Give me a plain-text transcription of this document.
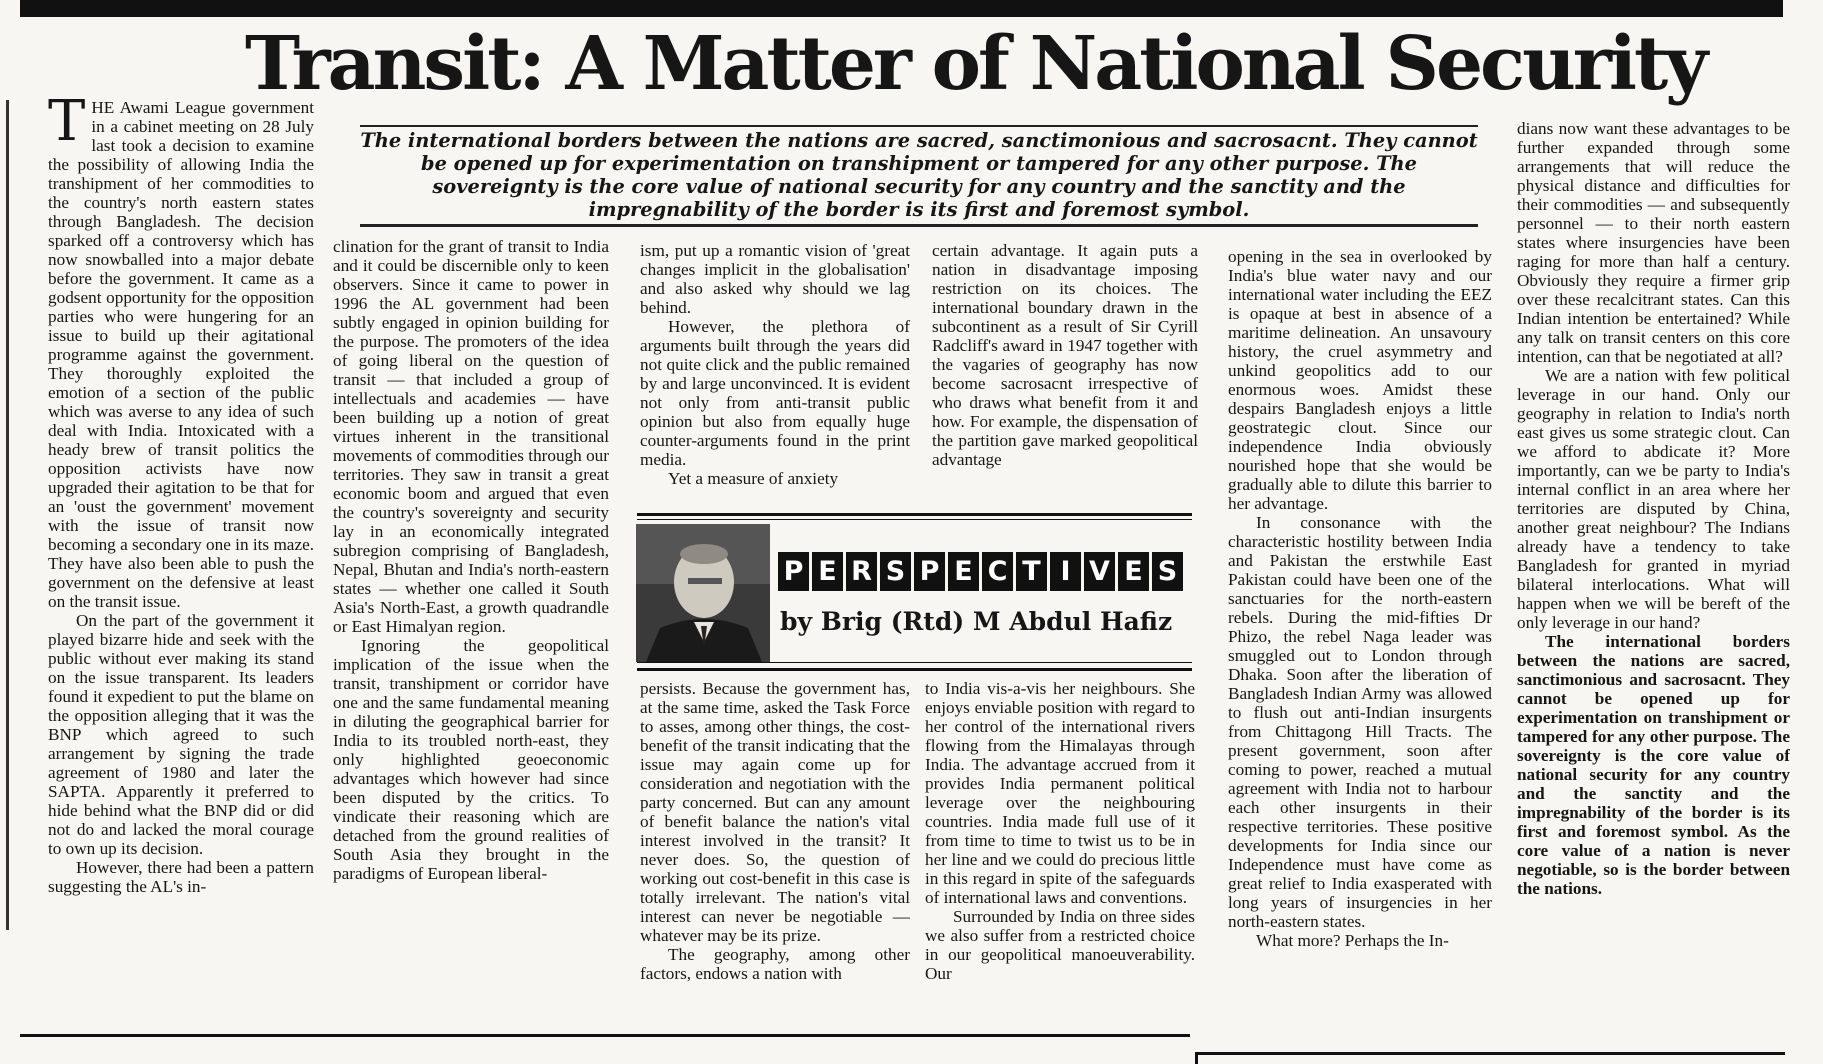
Transit: A Matter of National Security

The international borders between the nations are sacred, sanctimonious and sacrosacnt. They cannot be opened up for experimentation on transhipment or tampered for any other purpose. The sovereignty is the core value of national security for any country and the sanctity and the impregnability of the border is its first and foremost symbol.

THE Awami League government in a cabinet meeting on 28 July last took a decision to examine the possibility of allowing India the transhipment of her commodities to the country's north eastern states through Bangladesh. The decision sparked off a controversy which has now snowballed into a major debate before the government. It came as a godsent opportunity for the opposition parties who were hungering for an issue to build up their agitational programme against the government. They thoroughly exploited the emotion of a section of the public which was averse to any idea of such deal with India. Intoxicated with a heady brew of transit politics the opposition activists have now upgraded their agitation to be that for an 'oust the government' movement with the issue of transit now becoming a secondary one in its maze. They have also been able to push the government on the defensive at least on the transit issue.

On the part of the government it played bizarre hide and seek with the public without ever making its stand on the issue transparent. Its leaders found it expedient to put the blame on the opposition alleging that it was the BNP which agreed to such arrangement by signing the trade agreement of 1980 and later the SAPTA. Apparently it preferred to hide behind what the BNP did or did not do and lacked the moral courage to own up its decision.

However, there had been a pattern suggesting the AL's in-

clination for the grant of transit to India and it could be discernible only to keen observers. Since it came to power in 1996 the AL government had been subtly engaged in opinion building for the purpose. The promoters of the idea of going liberal on the question of transit — that included a group of intellectuals and academies — have been building up a notion of great virtues inherent in the transitional movements of commodities through our territories. They saw in transit a great economic boom and argued that even the country's sovereignty and security lay in an economically integrated subregion comprising of Bangladesh, Nepal, Bhutan and India's north-eastern states — whether one called it South Asia's North-East, a growth quadrandle or East Himalyan region.

Ignoring the geopolitical implication of the issue when the transit, transhipment or corridor have one and the same fundamental meaning in diluting the geographical barrier for India to its troubled north-east, they only highlighted geoeconomic advantages which however had since been disputed by the critics. To vindicate their reasoning which are detached from the ground realities of South Asia they brought in the paradigms of European liberal-

ism, put up a romantic vision of 'great changes implicit in the globalisation' and also asked why should we lag behind.

However, the plethora of arguments built through the years did not quite click and the public remained by and large unconvinced. It is evident not only from anti-transit public opinion but also from equally huge counter-arguments found in the print media.

Yet a measure of anxiety

certain advantage. It again puts a nation in disadvantage imposing restriction on its choices. The international boundary drawn in the subcontinent as a result of Sir Cyrill Radcliff's award in 1947 together with the vagaries of geography has now become sacrosacnt irrespective of who draws what benefit from it and how. For example, the dispensation of the partition gave marked geopolitical advantage

P E R S P E C T I V E S

by Brig (Rtd) M Abdul Hafiz

persists. Because the government has, at the same time, asked the Task Force to asses, among other things, the cost-benefit of the transit indicating that the issue may again come up for consideration and negotiation with the party concerned. But can any amount of benefit balance the nation's vital interest involved in the transit? It never does. So, the question of working out cost-benefit in this case is totally irrelevant. The nation's vital interest can never be negotiable — whatever may be its prize.

The geography, among other factors, endows a nation with

to India vis-a-vis her neighbours. She enjoys enviable position with regard to her control of the international rivers flowing from the Himalayas through India. The advantage accrued from it provides India permanent political leverage over the neighbouring countries. India made full use of it from time to time to twist us to be in her line and we could do precious little in this regard in spite of the safeguards of international laws and conventions.

Surrounded by India on three sides we also suffer from a restricted choice in our geopolitical manoeuverability. Our

opening in the sea in overlooked by India's blue water navy and our international water including the EEZ is opaque at best in absence of a maritime delineation. An unsavoury history, the cruel asymmetry and unkind geopolitics add to our enormous woes. Amidst these despairs Bangladesh enjoys a little geostrategic clout. Since our independence India obviously nourished hope that she would be gradually able to dilute this barrier to her advantage.

In consonance with the characteristic hostility between India and Pakistan the erstwhile East Pakistan could have been one of the sanctuaries for the north-eastern rebels. During the mid-fifties Dr Phizo, the rebel Naga leader was smuggled out to London through Dhaka. Soon after the liberation of Bangladesh Indian Army was allowed to flush out anti-Indian insurgents from Chittagong Hill Tracts. The present government, soon after coming to power, reached a mutual agreement with India not to harbour each other insurgents in their respective territories. These positive developments for India since our Independence must have come as great relief to India exasperated with long years of insurgencies in her north-eastern states.

What more? Perhaps the In-

dians now want these advantages to be further expanded through some arrangements that will reduce the physical distance and difficulties for their commodities — and subsequently personnel — to their north eastern states where insurgencies have been raging for more than half a century. Obviously they require a firmer grip over these recalcitrant states. Can this Indian intention be entertained? While any talk on transit centers on this core intention, can that be negotiated at all?

We are a nation with few political leverage in our hand. Only our geography in relation to India's north east gives us some strategic clout. Can we afford to abdicate it? More importantly, can we be party to India's internal conflict in an area where her territories are disputed by China, another great neighbour? The Indians already have a tendency to take Bangladesh for granted in myriad bilateral interlocations. What will happen when we will be bereft of the only leverage in our hand?

The international borders between the nations are sacred, sanctimonious and sacrosacnt. They cannot be opened up for experimentation on transhipment or tampered for any other purpose. The sovereignty is the core value of national security for any country and the sanctity and the impregnability of the border is its first and foremost symbol. As the core value of a nation is never negotiable, so is the border between the nations.
